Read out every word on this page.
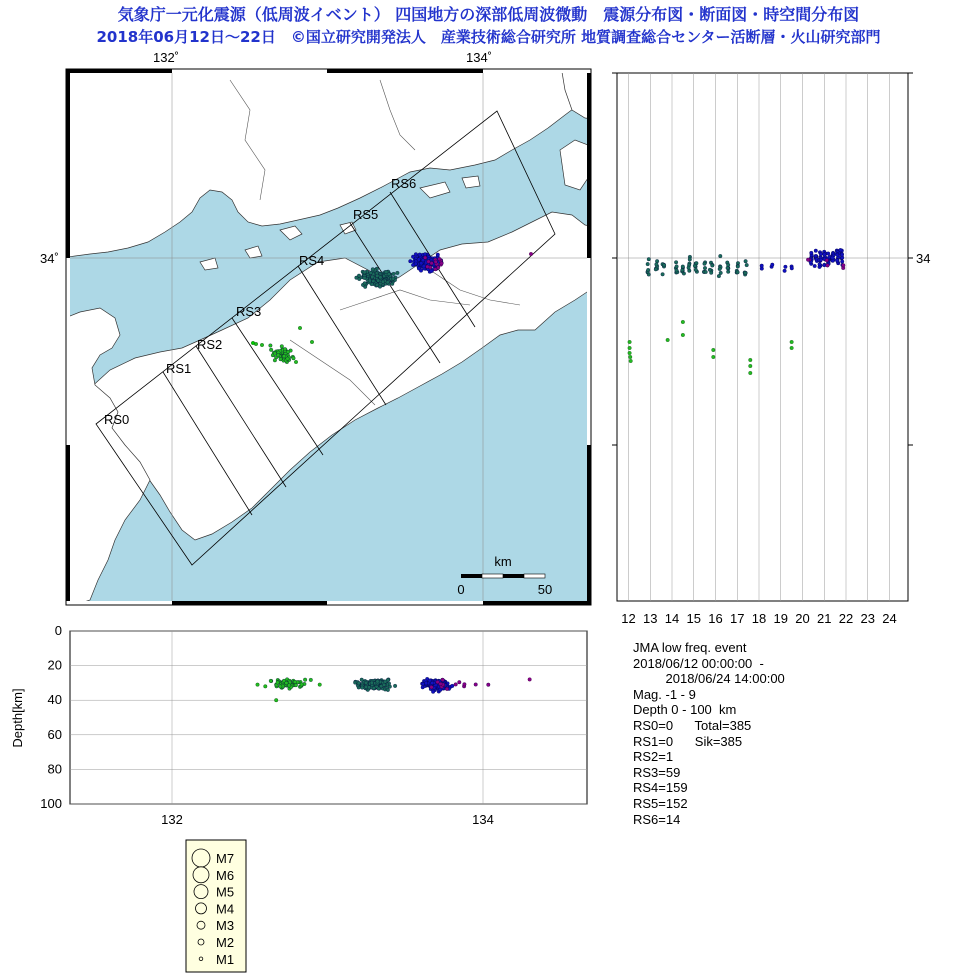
気象庁一元化震源（低周波イベント） 四国地方の深部低周波微動　震源分布図・断面図・時空間分布図
2018年06月12日～22日　©国立研究開発法人　産業技術総合研究所 地質調査総合センター活断層・火山研究部門
RS0
RS1
RS2
RS3
RS4
RS5
RS6
km
0	50
132˚	134˚
34˚	34
12 13 14 15 16 17 18 19 20 21 22 23 24
0
20
40
60
80
100
132	134
Depth[km]
M7
M6
M5
M4
M3
M2
M1
JMA low freq. event
2018/06/12 00:00:00  -
2018/06/24 14:00:00
Mag. -1 - 9
Depth 0 - 100  km
RS0=0      Total=385
RS1=0      Sik=385
RS2=1
RS3=59
RS4=159
RS5=152
RS6=14
